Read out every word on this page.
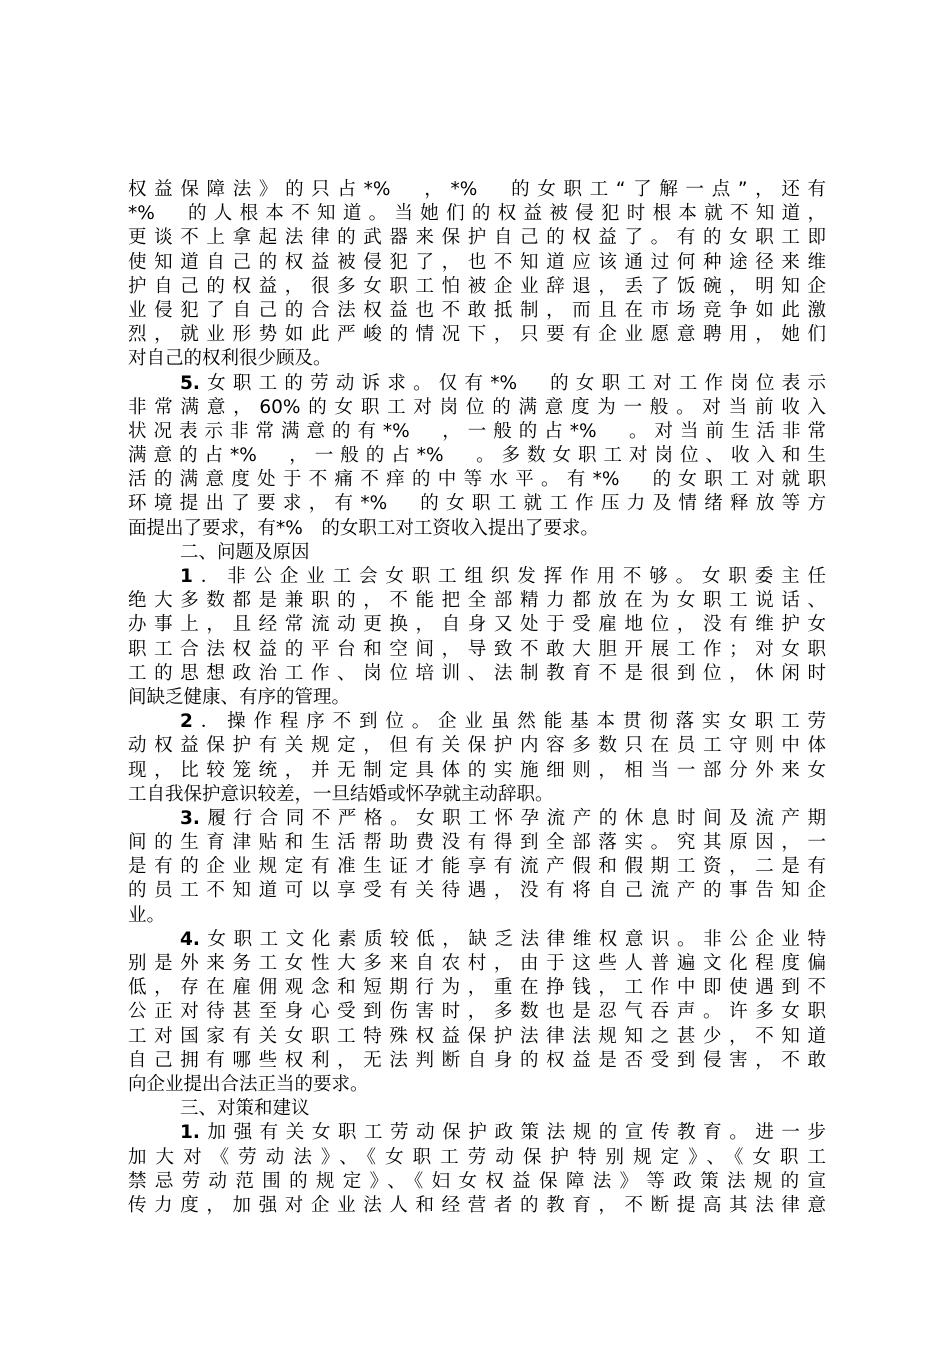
权益保障法》的只占*%　，*%　的女职工“了解一点”，还有
*%　的人根本不知道。当她们的权益被侵犯时根本就不知道，
更谈不上拿起法律的武器来保护自己的权益了。有的女职工即
使知道自己的权益被侵犯了，也不知道应该通过何种途径来维
护自己的权益，很多女职工怕被企业辞退，丢了饭碗，明知企
业侵犯了自己的合法权益也不敢抵制，而且在市场竞争如此激
烈，就业形势如此严峻的情况下，只要有企业愿意聘用，她们
对自己的权利很少顾及。
5.女职工的劳动诉求。仅有*%　的女职工对工作岗位表示
非常满意，60%的女职工对岗位的满意度为一般。对当前收入
状况表示非常满意的有*%　，一般的占*%　。对当前生活非常
满意的占*%　，一般的占*%　。多数女职工对岗位、收入和生
活的满意度处于不痛不痒的中等水平。有*%　的女职工对就职
环境提出了要求，有*%　的女职工就工作压力及情绪释放等方
面提出了要求，有*%　的女职工对工资收入提出了要求。
二、问题及原因
1．非公企业工会女职工组织发挥作用不够。女职委主任
绝大多数都是兼职的，不能把全部精力都放在为女职工说话、
办事上，且经常流动更换，自身又处于受雇地位，没有维护女
职工合法权益的平台和空间，导致不敢大胆开展工作；对女职
工的思想政治工作、岗位培训、法制教育不是很到位，休闲时
间缺乏健康、有序的管理。
2．操作程序不到位。企业虽然能基本贯彻落实女职工劳
动权益保护有关规定，但有关保护内容多数只在员工守则中体
现，比较笼统，并无制定具体的实施细则，相当一部分外来女
工自我保护意识较差，一旦结婚或怀孕就主动辞职。
3.履行合同不严格。女职工怀孕流产的休息时间及流产期
间的生育津贴和生活帮助费没有得到全部落实。究其原因，一
是有的企业规定有准生证才能享有流产假和假期工资，二是有
的员工不知道可以享受有关待遇，没有将自己流产的事告知企
业。
4.女职工文化素质较低，缺乏法律维权意识。非公企业特
别是外来务工女性大多来自农村，由于这些人普遍文化程度偏
低，存在雇佣观念和短期行为，重在挣钱，工作中即使遇到不
公正对待甚至身心受到伤害时，多数也是忍气吞声。许多女职
工对国家有关女职工特殊权益保护法律法规知之甚少，不知道
自己拥有哪些权利，无法判断自身的权益是否受到侵害，不敢
向企业提出合法正当的要求。
三、对策和建议
1.加强有关女职工劳动保护政策法规的宣传教育。进一步
加大对《劳动法》、《女职工劳动保护特别规定》、《女职工
禁忌劳动范围的规定》、《妇女权益保障法》等政策法规的宣
传力度，加强对企业法人和经营者的教育，不断提高其法律意
